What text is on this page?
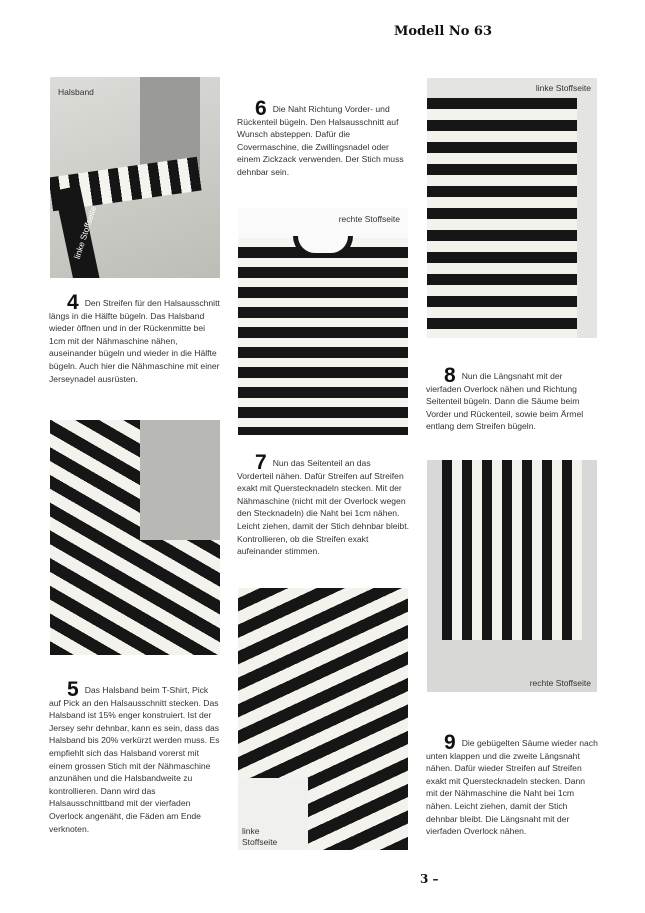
Modell No 63
Halsband
linke Stoffseite
4 Den Streifen für den Halsausschnitt längs in die Hälfte bügeln. Das Halsband wieder öffnen und in der Rückenmitte bei 1cm mit der Nähmaschine nähen, auseinander bügeln und wieder in die Hälfte bügeln. Auch hier die Nähmaschine mit einer Jerseynadel ausrüsten.
5 Das Halsband beim T-Shirt, Pick auf Pick an den Halsausschnitt stecken. Das Halsband ist 15% enger konstruiert. Ist der Jersey sehr dehnbar, kann es sein, dass das Halsband bis 20% verkürzt werden muss. Es empfiehlt sich das Halsband vorerst mit einem grossen Stich mit der Nähmaschine anzunähen und die Halsbandweite zu kontrollieren. Dann wird das Halsausschnittband mit der vierfaden Overlock angenäht, die Fäden am Ende verknoten.
6 Die Naht Richtung Vorder- und Rückenteil bügeln. Den Halsausschnitt auf Wunsch absteppen. Dafür die Covermaschine, die Zwillingsnadel oder einem Zickzack verwenden. Der Stich muss dehnbar sein.
rechte Stoffseite
7 Nun das Seitenteil an das Vorderteil nähen. Dafür Streifen auf Streifen exakt mit Querstecknadeln stecken. Mit der Nähmaschine (nicht mit der Overlock wegen den Stecknadeln) die Naht bei 1cm nähen. Leicht ziehen, damit der Stich dehnbar bleibt. Kontrollieren, ob die Streifen exakt aufeinander stimmen.
linke Stoffseite
linke Stoffseite
8 Nun die Längsnaht mit der vierfaden Overlock nähen und Richtung Seitenteil bügeln. Dann die Säume beim Vorder und Rückenteil, sowie beim Ärmel entlang dem Streifen bügeln.
rechte Stoffseite
9 Die gebügelten Säume wieder nach unten klappen und die zweite Längsnaht nähen. Dafür wieder Streifen auf Streifen exakt mit Querstecknadeln stecken. Dann mit der Nähmaschine die Naht bei 1cm nähen. Leicht ziehen, damit der Stich dehnbar bleibt. Die Längsnaht mit der vierfaden Overlock nähen.
3 –
